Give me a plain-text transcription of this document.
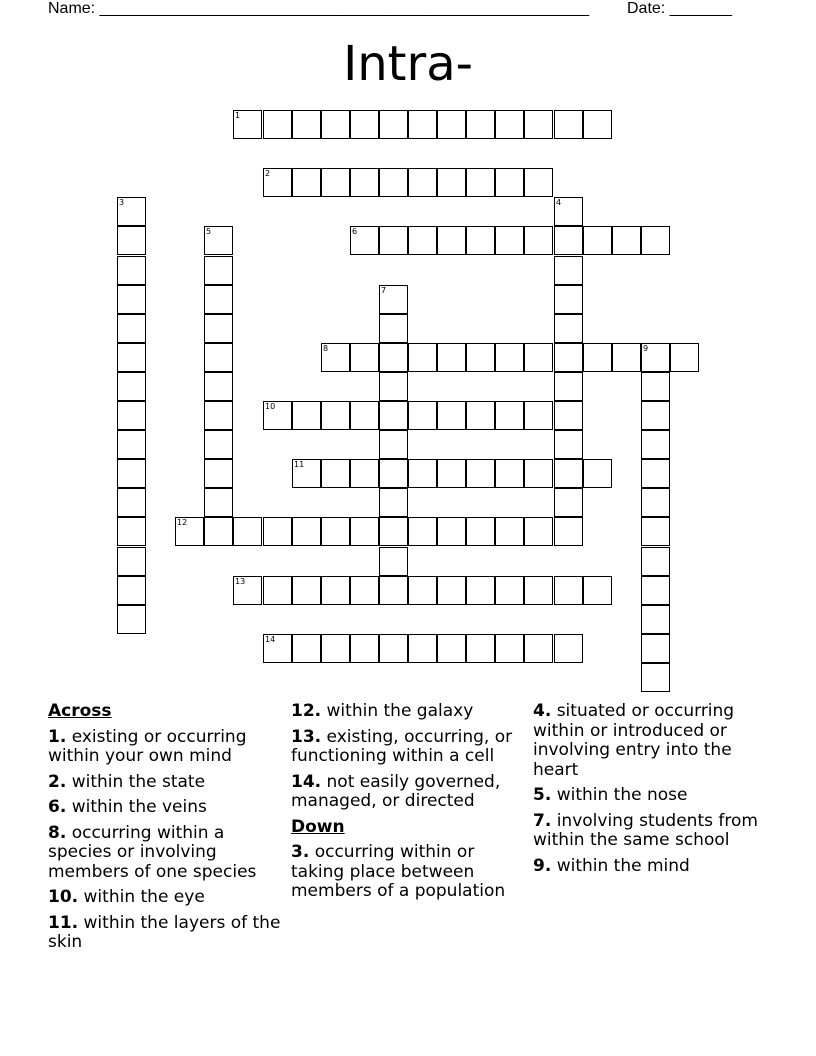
Name: _______________________________________________________ Date: _______
Intra-
1
2
3	4
5	6
7
8	9
10
11
12
13
14
Across
1. existing or occurring within your own mind
2. within the state
6. within the veins
8. occurring within a species or involving members of one species
10. within the eye
11. within the layers of the skin
12. within the galaxy
13. existing, occurring, or functioning within a cell
14. not easily governed, managed, or directed
Down
3. occurring within or taking place between members of a population
4. situated or occurring within or introduced or involving entry into the heart
5. within the nose
7. involving students from within the same school
9. within the mind
